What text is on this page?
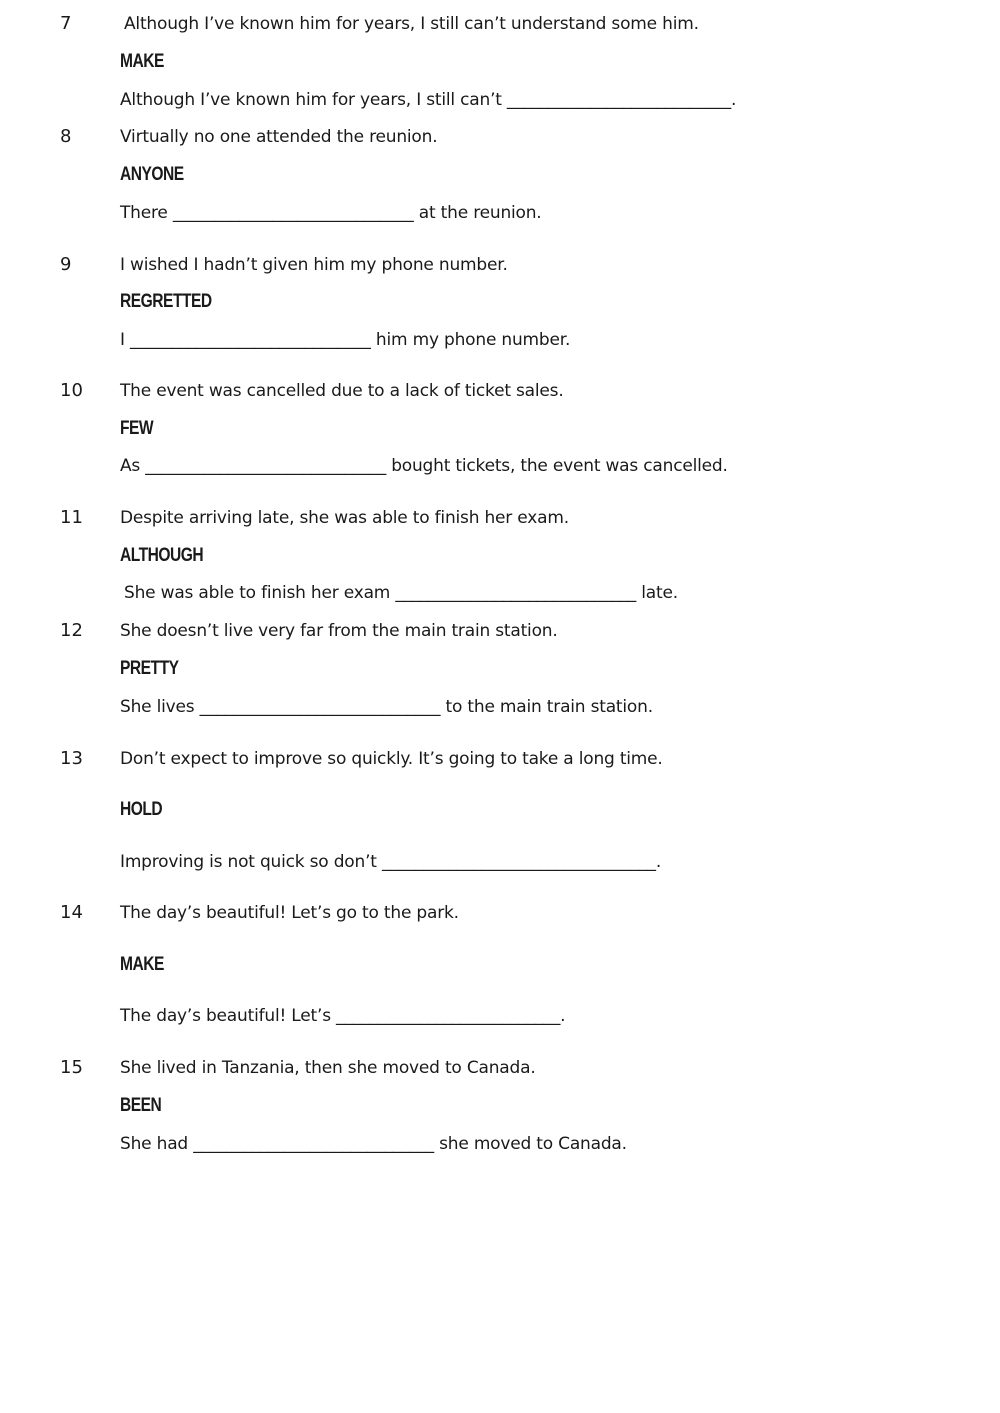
7	Although I’ve known him for years, I still can’t understand some him.
MAKE
Although I’ve known him for years, I still can’t ___________________________.
8	Virtually no one attended the reunion.
ANYONE
There _____________________________ at the reunion.
9	I wished I hadn’t given him my phone number.
REGRETTED
I _____________________________ him my phone number.
10 The event was cancelled due to a lack of ticket sales.
FEW
As _____________________________ bought tickets, the event was cancelled.
11 Despite arriving late, she was able to finish her exam.
ALTHOUGH
She was able to finish her exam _____________________________ late.
12 She doesn’t live very far from the main train station.
PRETTY
She lives _____________________________ to the main train station.
13 Don’t expect to improve so quickly. It’s going to take a long time.
HOLD
Improving is not quick so don’t _________________________________.
14 The day’s beautiful! Let’s go to the park.
MAKE
The day’s beautiful! Let’s ___________________________.
15 She lived in Tanzania, then she moved to Canada.
BEEN
She had _____________________________ she moved to Canada.
